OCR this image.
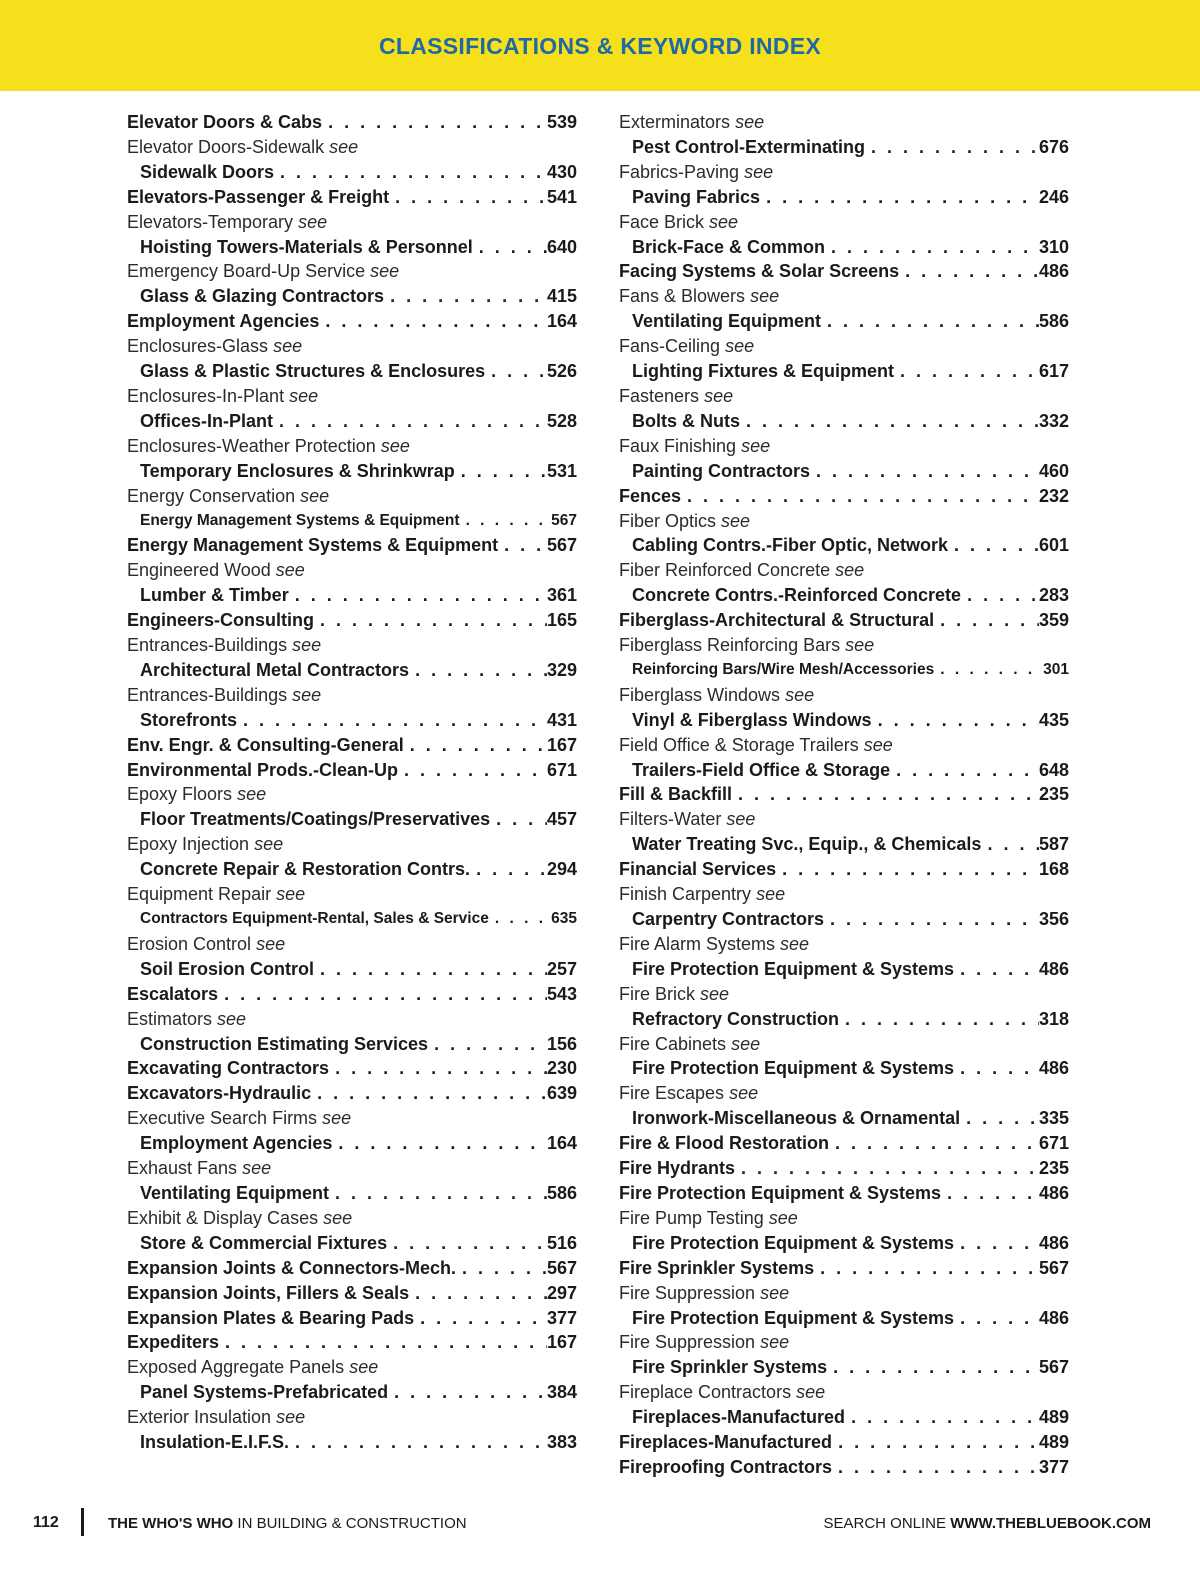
CLASSIFICATIONS & KEYWORD INDEX
Elevator Doors & Cabs . . .	539
Elevator Doors-Sidewalk see
Sidewalk Doors . . .	430
Elevators-Passenger & Freight . . .	541
Elevators-Temporary see
Hoisting Towers-Materials & Personnel . . .	640
Emergency Board-Up Service see
Glass & Glazing Contractors . . .	415
Employment Agencies . . .	164
Enclosures-Glass see
Glass & Plastic Structures & Enclosures . . .	526
Enclosures-In-Plant see
Offices-In-Plant . . .	528
Enclosures-Weather Protection see
Temporary Enclosures & Shrinkwrap . . .	531
Energy Conservation see
Energy Management Systems & Equipment . . .	567
Energy Management Systems & Equipment . . .	567
Engineered Wood see
Lumber & Timber . . .	361
Engineers-Consulting . . .	165
Entrances-Buildings see
Architectural Metal Contractors . . .	329
Entrances-Buildings see
Storefronts . . .	431
Env. Engr. & Consulting-General . . .	167
Environmental Prods.-Clean-Up . . .	671
Epoxy Floors see
Floor Treatments/Coatings/Preservatives . . .	457
Epoxy Injection see
Concrete Repair & Restoration Contrs. . . .	294
Equipment Repair see
Contractors Equipment-Rental, Sales & Service . . .	635
Erosion Control see
Soil Erosion Control . . .	257
Escalators . . .	543
Estimators see
Construction Estimating Services . . .	156
Excavating Contractors . . .	230
Excavators-Hydraulic . . .	639
Executive Search Firms see
Employment Agencies . . .	164
Exhaust Fans see
Ventilating Equipment . . .	586
Exhibit & Display Cases see
Store & Commercial Fixtures . . .	516
Expansion Joints & Connectors-Mech. . . .	567
Expansion Joints, Fillers & Seals . . .	297
Expansion Plates & Bearing Pads . . .	377
Expediters . . .	167
Exposed Aggregate Panels see
Panel Systems-Prefabricated . . .	384
Exterior Insulation see
Insulation-E.I.F.S. . . .	383
Exterminators see
Pest Control-Exterminating . . .	676
Fabrics-Paving see
Paving Fabrics . . .	246
Face Brick see
Brick-Face & Common . . .	310
Facing Systems & Solar Screens . . .	486
Fans & Blowers see
Ventilating Equipment . . .	586
Fans-Ceiling see
Lighting Fixtures & Equipment . . .	617
Fasteners see
Bolts & Nuts . . .	332
Faux Finishing see
Painting Contractors . . .	460
Fences . . .	232
Fiber Optics see
Cabling Contrs.-Fiber Optic, Network . . .	601
Fiber Reinforced Concrete see
Concrete Contrs.-Reinforced Concrete . . .	283
Fiberglass-Architectural & Structural . . .	359
Fiberglass Reinforcing Bars see
Reinforcing Bars/Wire Mesh/Accessories . . .	301
Fiberglass Windows see
Vinyl & Fiberglass Windows . . .	435
Field Office & Storage Trailers see
Trailers-Field Office & Storage . . .	648
Fill & Backfill . . .	235
Filters-Water see
Water Treating Svc., Equip., & Chemicals . . .	587
Financial Services . . .	168
Finish Carpentry see
Carpentry Contractors . . .	356
Fire Alarm Systems see
Fire Protection Equipment & Systems . . .	486
Fire Brick see
Refractory Construction . . .	318
Fire Cabinets see
Fire Protection Equipment & Systems . . .	486
Fire Escapes see
Ironwork-Miscellaneous & Ornamental . . .	335
Fire & Flood Restoration . . .	671
Fire Hydrants . . .	235
Fire Protection Equipment & Systems . . .	486
Fire Pump Testing see
Fire Protection Equipment & Systems . . .	486
Fire Sprinkler Systems . . .	567
Fire Suppression see
Fire Protection Equipment & Systems . . .	486
Fire Suppression see
Fire Sprinkler Systems . . .	567
Fireplace Contractors see
Fireplaces-Manufactured . . .	489
Fireplaces-Manufactured . . .	489
Fireproofing Contractors . . .	377
112	THE WHO'S WHO IN BUILDING & CONSTRUCTION	SEARCH ONLINE WWW.THEBLUEBOOK.COM
